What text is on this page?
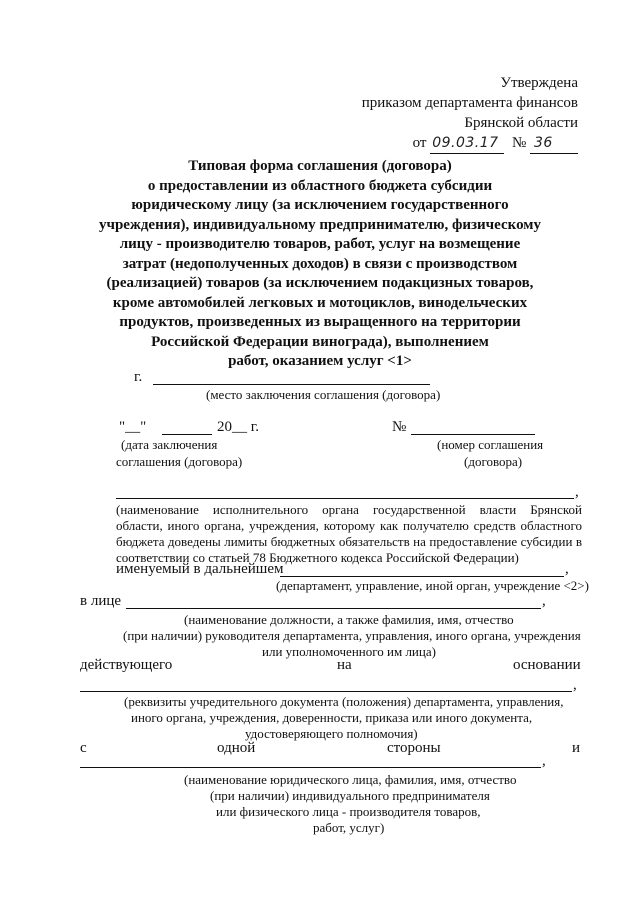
Утверждена
приказом департамента финансов
Брянской области
от 09.03.17 № 36
Типовая форма соглашения (договора)
о предоставлении из областного бюджета субсидии
юридическому лицу (за исключением государственного
учреждения), индивидуальному предпринимателю, физическому
лицу - производителю товаров, работ, услуг на возмещение
затрат (недополученных доходов) в связи с производством
(реализацией) товаров (за исключением подакцизных товаров,
кроме автомобилей легковых и мотоциклов, винодельческих
продуктов, произведенных из выращенного на территории
Российской Федерации винограда), выполнением
работ, оказанием услуг <1>
г.
(место заключения соглашения (договора)
"__"	20__ г.	№
(дата заключения
соглашения (договора)
(номер соглашения
(договора)
,
(наименование исполнительного органа государственной власти Брянской
области, иного органа, учреждения, которому как получателю средств областного
бюджета доведены лимиты бюджетных обязательств на предоставление субсидии в
соответствии со статьей 78 Бюджетного кодекса Российской Федерации)
именуемый в дальнейшем	,
(департамент, управление, иной орган, учреждение <2>)
в лице	,
(наименование должности, а также фамилия, имя, отчество
(при наличии) руководителя департамента, управления, иного органа, учреждения
или уполномоченного им лица)
действующего	на	основании
,
(реквизиты учредительного документа (положения) департамента, управления,
иного органа, учреждения, доверенности, приказа или иного документа,
удостоверяющего полномочия)
с	одной	стороны	и
,
(наименование юридического лица, фамилия, имя, отчество
(при наличии) индивидуального предпринимателя
или физического лица - производителя товаров,
работ, услуг)
